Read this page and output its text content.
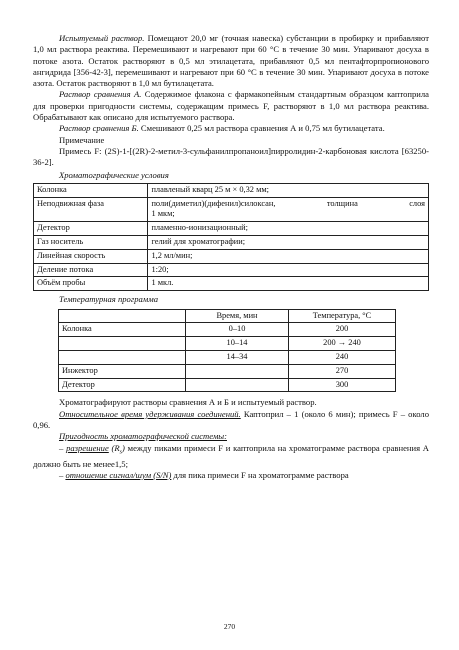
Испытуемый раствор. Помещают 20,0 мг (точная навеска) субстанции в пробирку и прибавляют 1,0 мл раствора реактива. Перемешивают и нагревают при 60 °С в течение 30 мин. Упаривают досуха в потоке азота. Остаток растворяют в 0,5 мл этилацетата, прибавляют 0,5 мл пентафторпропионового ангидрида [356-42-3], перемешивают и нагревают при 60 °С в течение 30 мин. Упаривают досуха в потоке азота. Остаток растворяют в 1,0 мл бутилацетата.

Раствор сравнения А. Содержимое флакона с фармакопейным стандартным образцом каптоприла для проверки пригодности системы, содержащим примесь F, растворяют в 1,0 мл раствора реактива. Обрабатывают как описано для испытуемого раствора.

Раствор сравнения Б. Смешивают 0,25 мл раствора сравнения А и 0,75 мл бутилацетата.

Примечание

Примесь F: (2S)-1-[(2R)-2-метил-3-сульфанилпропаноил]пирролидин-2-карбоновая кислота [63250-36-2].

Хроматографические условия
Колонка	плавленый кварц 25 м × 0,32 мм;
Неподвижная фаза	поли(диметил)(дифенил)силоксан, толщина слоя
1 мкм;

Детектор	пламенно-ионизационный;
Газ носитель	гелий для хроматографии;
Линейная скорость	1,2 мл/мин;
Деление потока	1:20;
Объём пробы	1 мкл.
Температурная программа
	Время, мин	Температура, °С
Колонка	0–10	200
	10–14	200 → 240
	14–34	240
Инжектор		270
Детектор		300

Хроматографируют растворы сравнения А и Б и испытуемый раствор.

Относительное время удерживания соединений. Каптоприл – 1 (около 6 мин); примесь F – около 0,96.

Пригодность хроматографической системы:

– разрешение $(R_s)$ между пиками примеси F и каптоприла на хроматограмме раствора сравнения А должно быть не менее1,5;

– отношение сигнал/шум (S/N) для пика примеси F на хроматограмме раствора

270
